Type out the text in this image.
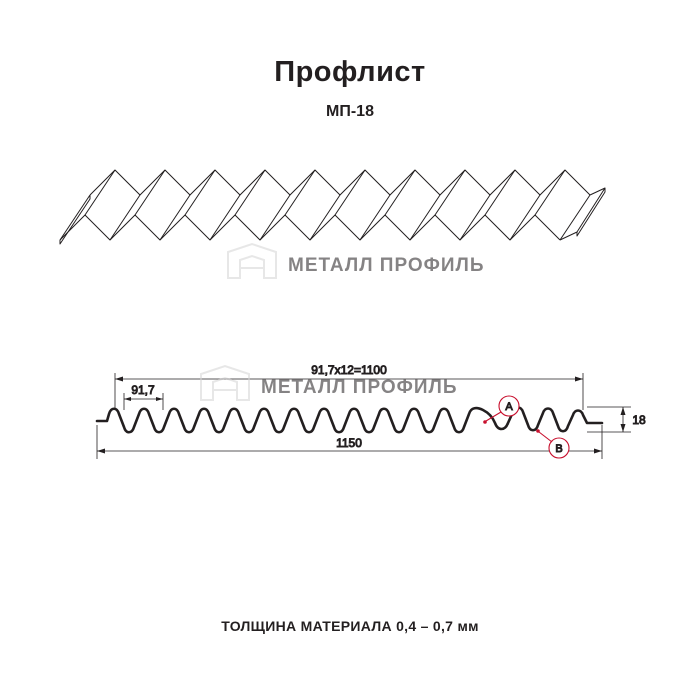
Профлист
МП-18
МЕТАЛЛ ПРОФИЛЬ
91,7х12=1100
91,7
1150
18
A
B
МЕТАЛЛ ПРОФИЛЬ
ТОЛЩИНА МАТЕРИАЛА 0,4 – 0,7 мм
